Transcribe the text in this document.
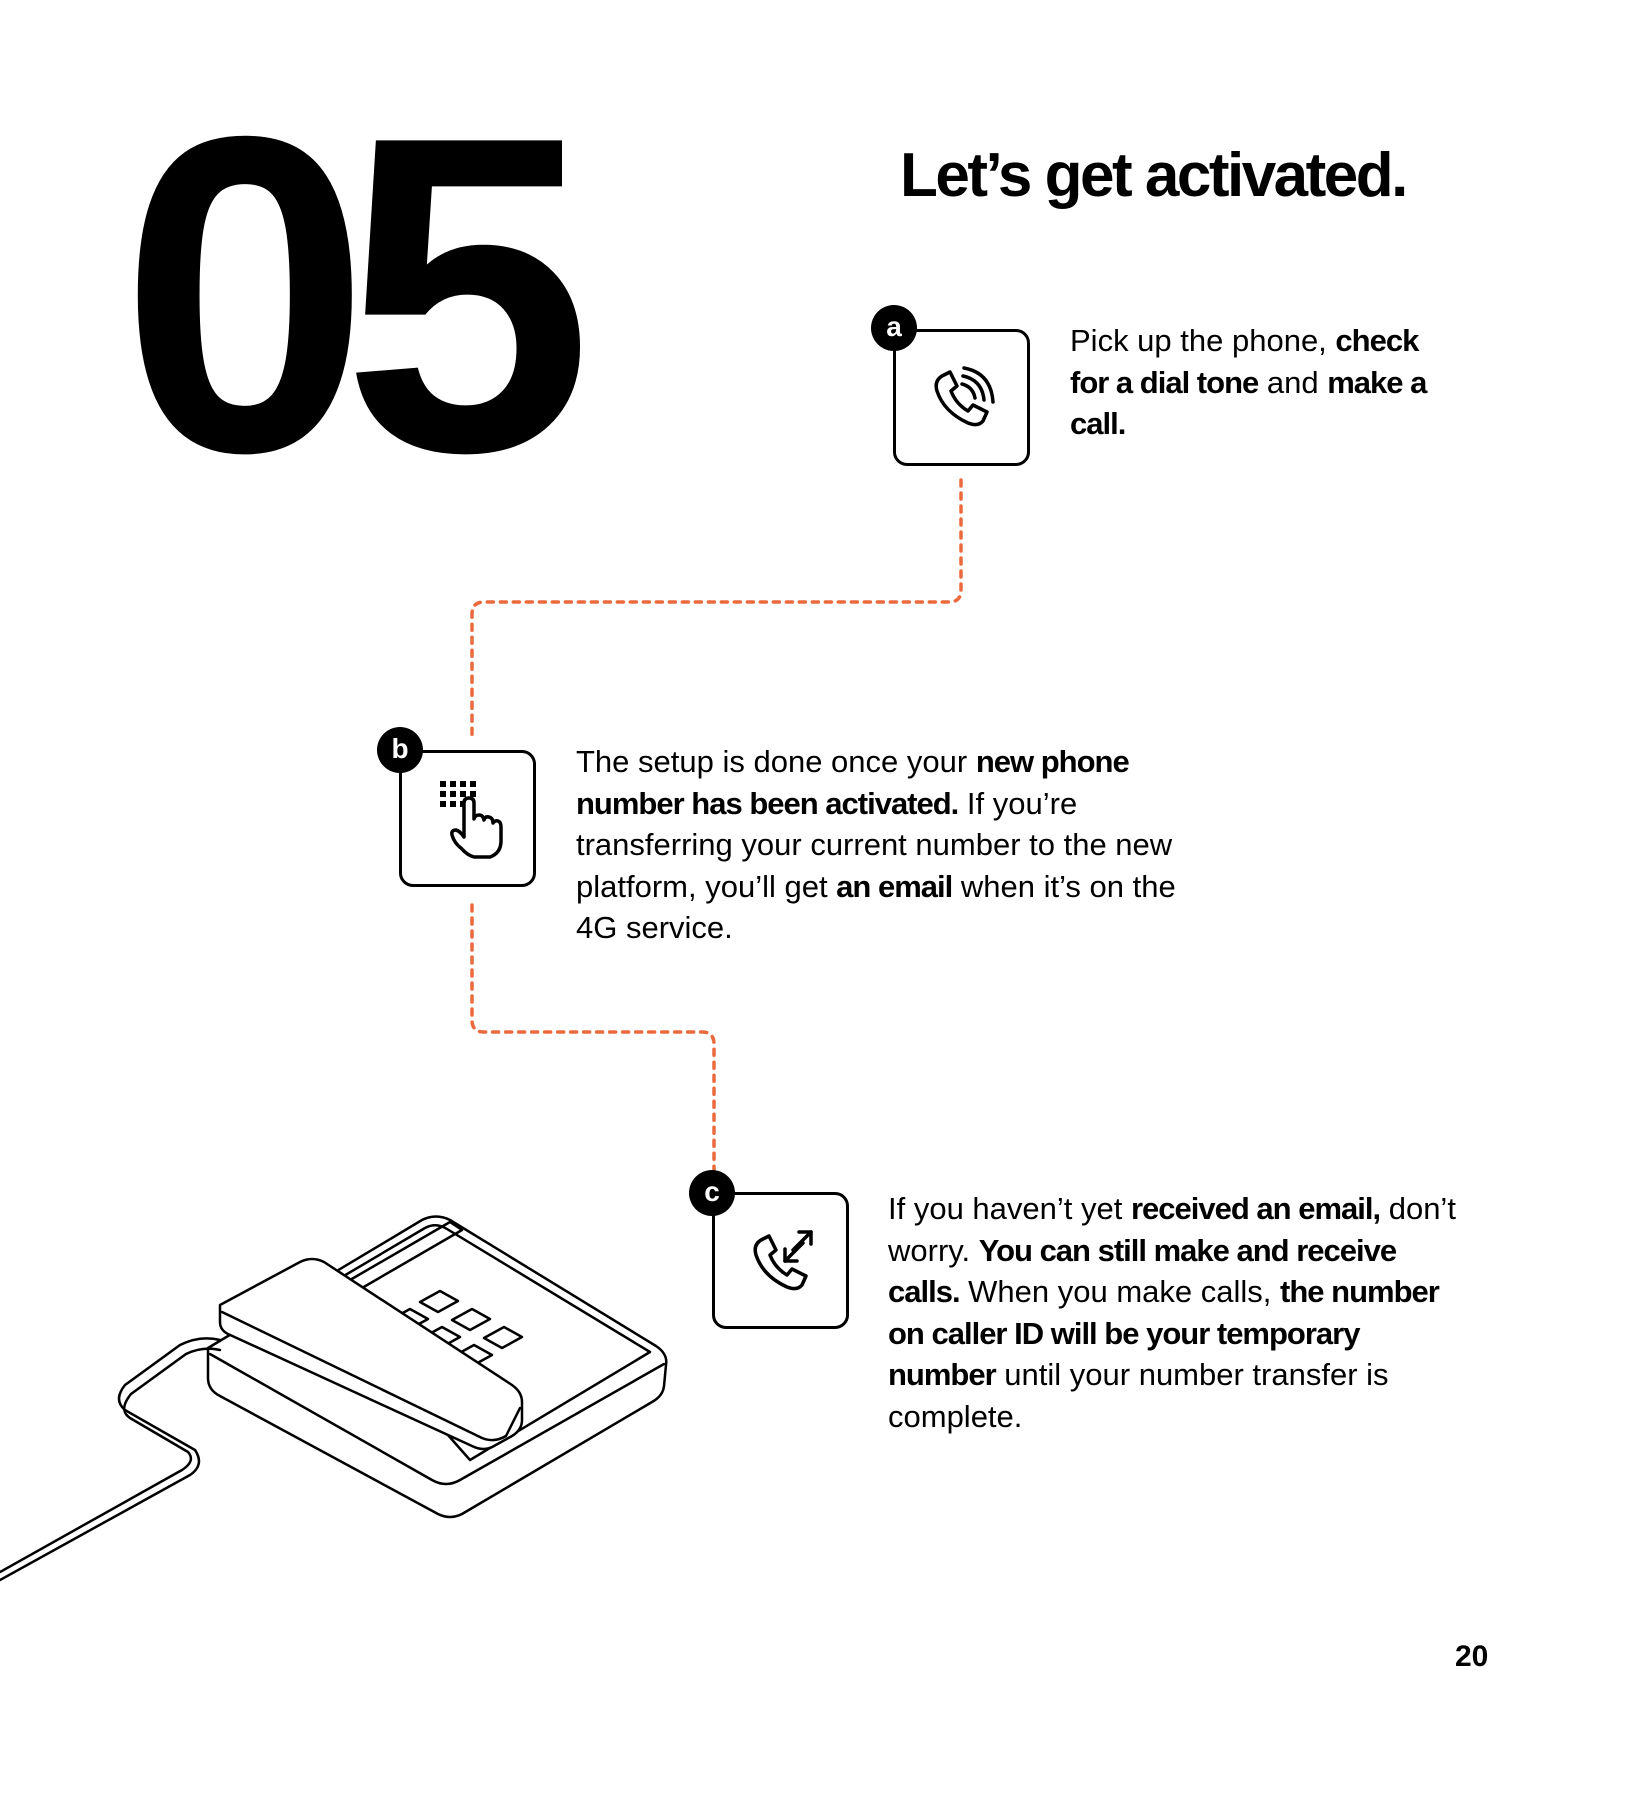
05	Let’s get activated.
a	Pick up the phone, check for a dial tone and make a call.

b	The setup is done once your new phone number has been activated. If you’re transferring your current number to the new platform, you’ll get an email when it’s on the 4G service.

c	If you haven’t yet received an email, don’t worry. You can still make and receive calls. When you make calls, the number on caller ID will be your temporary number until your number transfer is complete.

20
